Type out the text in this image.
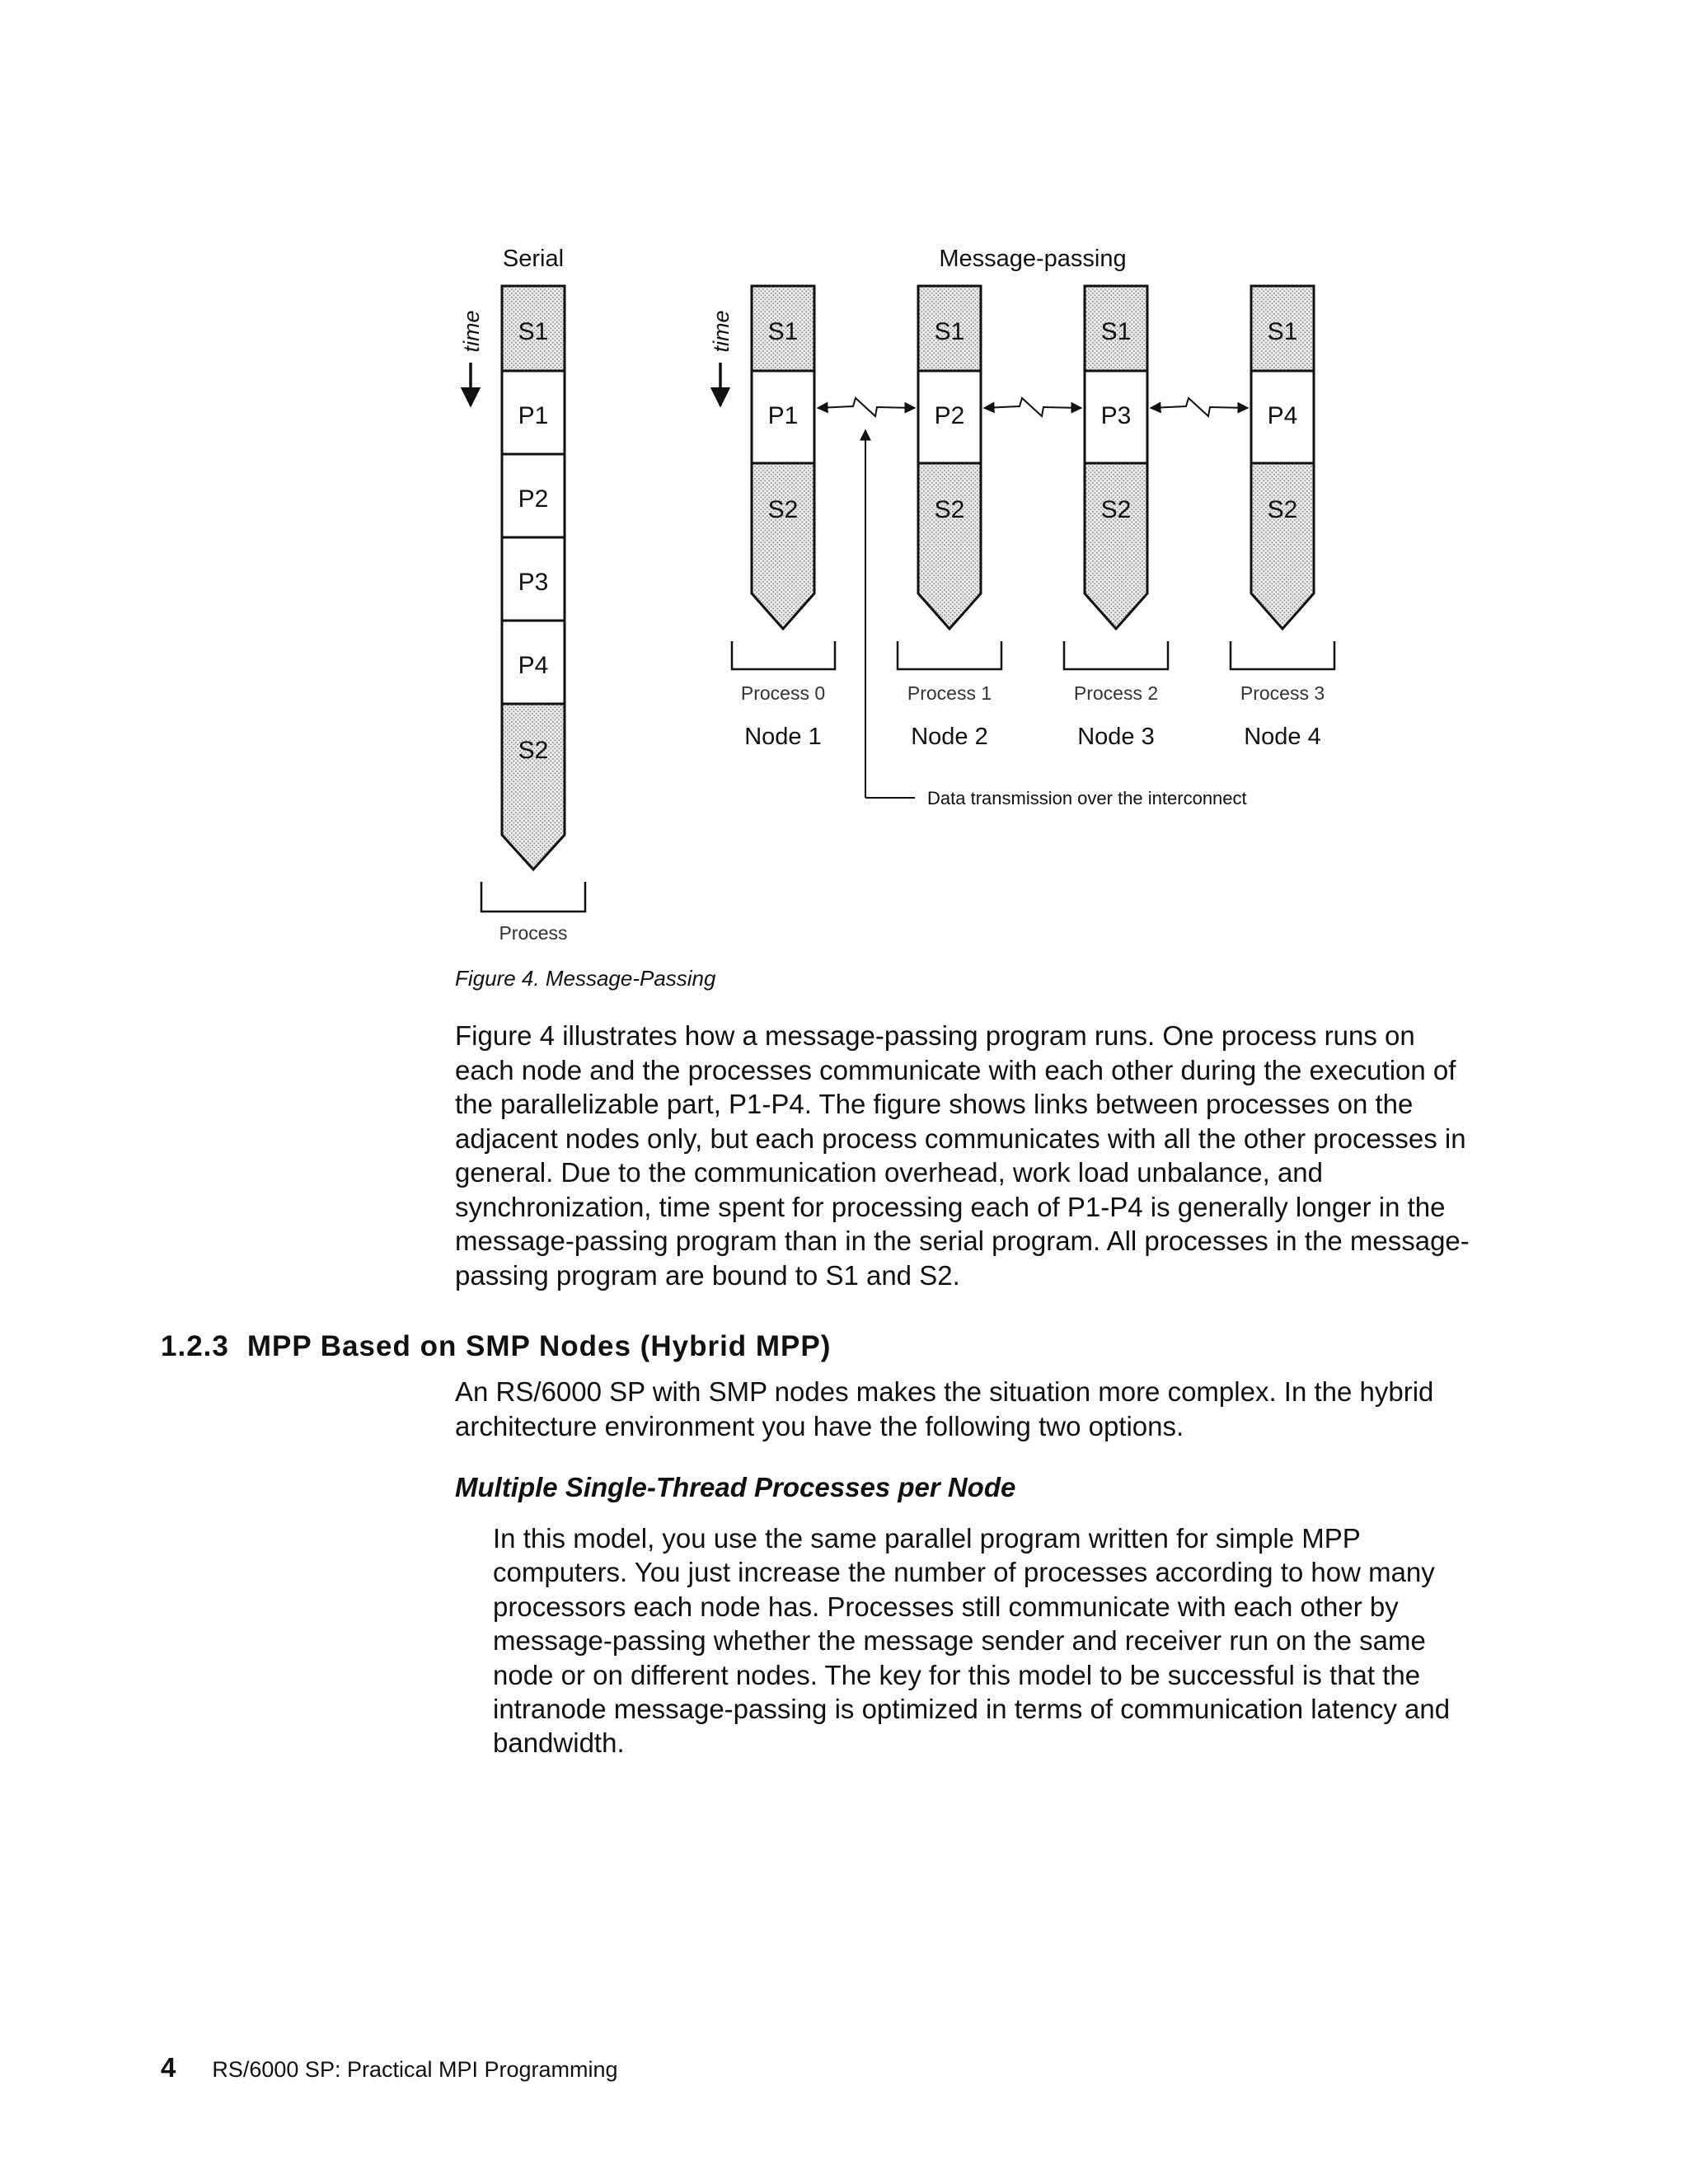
Serial
time S1
P1
P2
P3
P4
S2
Process
Message-passing
time S1
P1
S2
Process 0
Node 1
S1
P2
S2
Process 1
Node 2
S1
P3
S2
Process 2
Node 3
S1
P4
S2
Process 3
Node 4
Data transmission over the interconnect

Figure 4. Message-Passing

Figure 4 illustrates how a message-passing program runs. One process runs on each node and the processes communicate with each other during the execution of the parallelizable part, P1-P4. The figure shows links between processes on the adjacent nodes only, but each process communicates with all the other processes in general. Due to the communication overhead, work load unbalance, and synchronization, time spent for processing each of P1-P4 is generally longer in the message-passing program than in the serial program. All processes in the message-passing program are bound to S1 and S2.

1.2.3 MPP Based on SMP Nodes (Hybrid MPP)

An RS/6000 SP with SMP nodes makes the situation more complex. In the hybrid architecture environment you have the following two options.

Multiple Single-Thread Processes per Node

In this model, you use the same parallel program written for simple MPP computers. You just increase the number of processes according to how many processors each node has. Processes still communicate with each other by message-passing whether the message sender and receiver run on the same node or on different nodes. The key for this model to be successful is that the intranode message-passing is optimized in terms of communication latency and bandwidth.

4 RS/6000 SP: Practical MPI Programming
